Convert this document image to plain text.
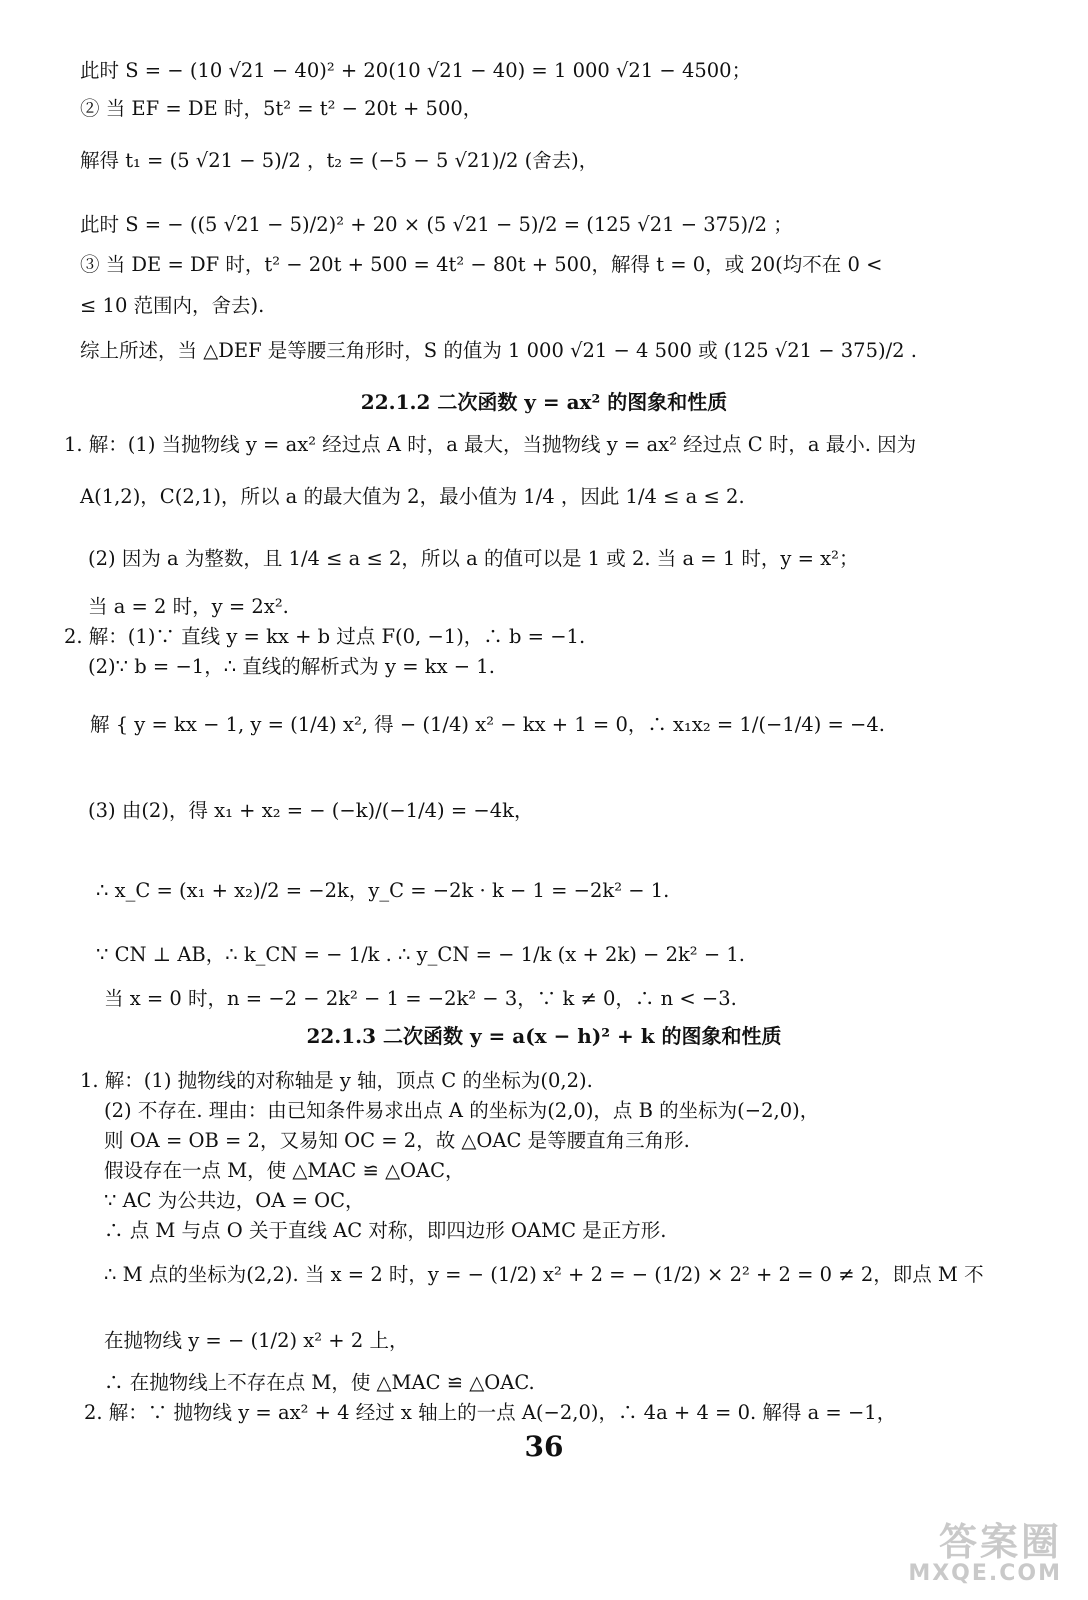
此时 S = − (10 √21 − 40)² + 20(10 √21 − 40) = 1 000 √21 − 4500；
② 当 EF = DE 时，5t² = t² − 20t + 500，
解得 t₁ = (5 √21 − 5)/2 ，t₂ = (−5 − 5 √21)/2 (舍去)，
此时 S = − ((5 √21 − 5)/2)² + 20 × (5 √21 − 5)/2 = (125 √21 − 375)/2 ；
③ 当 DE = DF 时，t² − 20t + 500 = 4t² − 80t + 500，解得 t = 0，或 20(均不在 0 <
≤ 10 范围内，舍去).
综上所述，当 △DEF 是等腰三角形时，S 的值为 1 000 √21 − 4 500 或 (125 √21 − 375)/2 .
22.1.2 二次函数 y = ax² 的图象和性质
1. 解：(1) 当抛物线 y = ax² 经过点 A 时，a 最大，当抛物线 y = ax² 经过点 C 时，a 最小. 因为
A(1,2)，C(2,1)，所以 a 的最大值为 2，最小值为 1/4 ，因此 1/4 ≤ a ≤ 2.
(2) 因为 a 为整数，且 1/4 ≤ a ≤ 2，所以 a 的值可以是 1 或 2. 当 a = 1 时，y = x²；
当 a = 2 时，y = 2x².
2. 解：(1)∵ 直线 y = kx + b 过点 F(0, −1)，∴ b = −1.
(2)∵ b = −1，∴ 直线的解析式为 y = kx − 1.
解 { y = kx − 1, y = (1/4) x², 得 − (1/4) x² − kx + 1 = 0，∴ x₁x₂ = 1/(−1/4) = −4.
(3) 由(2)，得 x₁ + x₂ = − (−k)/(−1/4) = −4k，
∴ x_C = (x₁ + x₂)/2 = −2k，y_C = −2k · k − 1 = −2k² − 1.
∵ CN ⊥ AB，∴ k_CN = − 1/k . ∴ y_CN = − 1/k (x + 2k) − 2k² − 1.
当 x = 0 时，n = −2 − 2k² − 1 = −2k² − 3，∵ k ≠ 0，∴ n < −3.
22.1.3 二次函数 y = a(x − h)² + k 的图象和性质
1. 解：(1) 抛物线的对称轴是 y 轴，顶点 C 的坐标为(0,2).
(2) 不存在. 理由：由已知条件易求出点 A 的坐标为(2,0)，点 B 的坐标为(−2,0)，
则 OA = OB = 2，又易知 OC = 2，故 △OAC 是等腰直角三角形.
假设存在一点 M，使 △MAC ≌ △OAC，
∵ AC 为公共边，OA = OC，
∴ 点 M 与点 O 关于直线 AC 对称，即四边形 OAMC 是正方形.
∴ M 点的坐标为(2,2). 当 x = 2 时，y = − (1/2) x² + 2 = − (1/2) × 2² + 2 = 0 ≠ 2，即点 M 不
在抛物线 y = − (1/2) x² + 2 上，
∴ 在抛物线上不存在点 M，使 △MAC ≌ △OAC.
2. 解：∵ 抛物线 y = ax² + 4 经过 x 轴上的一点 A(−2,0)，∴ 4a + 4 = 0. 解得 a = −1，
36
答案圈
MXQE.COM
